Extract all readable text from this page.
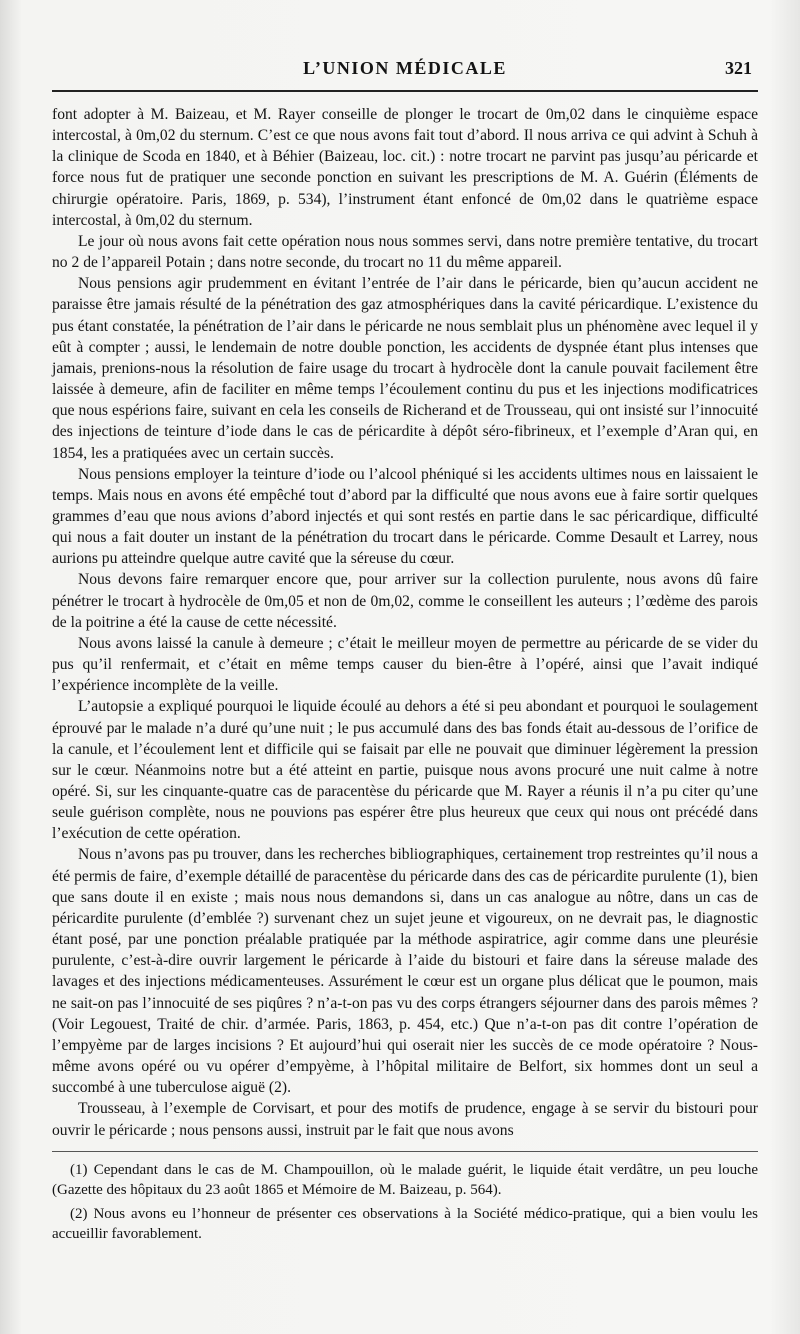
L’UNION MÉDICALE	321

font adopter à M. Baizeau, et M. Rayer conseille de plonger le trocart de 0m,02 dans le cinquième espace intercostal, à 0m,02 du sternum. C’est ce que nous avons fait tout d’abord. Il nous arriva ce qui advint à Schuh à la clinique de Scoda en 1840, et à Béhier (Baizeau, loc. cit.) : notre trocart ne parvint pas jusqu’au péricarde et force nous fut de pratiquer une seconde ponction en suivant les prescriptions de M. A. Guérin (Éléments de chirurgie opératoire. Paris, 1869, p. 534), l’instrument étant enfoncé de 0m,02 dans le quatrième espace intercostal, à 0m,02 du sternum.

Le jour où nous avons fait cette opération nous nous sommes servi, dans notre première tentative, du trocart no 2 de l’appareil Potain ; dans notre seconde, du trocart no 11 du même appareil.

Nous pensions agir prudemment en évitant l’entrée de l’air dans le péricarde, bien qu’aucun accident ne paraisse être jamais résulté de la pénétration des gaz atmosphériques dans la cavité péricardique. L’existence du pus étant constatée, la pénétration de l’air dans le péricarde ne nous semblait plus un phénomène avec lequel il y eût à compter ; aussi, le lendemain de notre double ponction, les accidents de dyspnée étant plus intenses que jamais, prenions-nous la résolution de faire usage du trocart à hydrocèle dont la canule pouvait facilement être laissée à demeure, afin de faciliter en même temps l’écoulement continu du pus et les injections modificatrices que nous espérions faire, suivant en cela les conseils de Richerand et de Trousseau, qui ont insisté sur l’innocuité des injections de teinture d’iode dans le cas de péricardite à dépôt séro-fibrineux, et l’exemple d’Aran qui, en 1854, les a pratiquées avec un certain succès.

Nous pensions employer la teinture d’iode ou l’alcool phéniqué si les accidents ultimes nous en laissaient le temps. Mais nous en avons été empêché tout d’abord par la difficulté que nous avons eue à faire sortir quelques grammes d’eau que nous avions d’abord injectés et qui sont restés en partie dans le sac péricardique, difficulté qui nous a fait douter un instant de la pénétration du trocart dans le péricarde. Comme Desault et Larrey, nous aurions pu atteindre quelque autre cavité que la séreuse du cœur.

Nous devons faire remarquer encore que, pour arriver sur la collection purulente, nous avons dû faire pénétrer le trocart à hydrocèle de 0m,05 et non de 0m,02, comme le conseillent les auteurs ; l’œdème des parois de la poitrine a été la cause de cette nécessité.

Nous avons laissé la canule à demeure ; c’était le meilleur moyen de permettre au péricarde de se vider du pus qu’il renfermait, et c’était en même temps causer du bien-être à l’opéré, ainsi que l’avait indiqué l’expérience incomplète de la veille.

L’autopsie a expliqué pourquoi le liquide écoulé au dehors a été si peu abondant et pourquoi le soulagement éprouvé par le malade n’a duré qu’une nuit ; le pus accumulé dans des bas fonds était au-dessous de l’orifice de la canule, et l’écoulement lent et difficile qui se faisait par elle ne pouvait que diminuer légèrement la pression sur le cœur. Néanmoins notre but a été atteint en partie, puisque nous avons procuré une nuit calme à notre opéré. Si, sur les cinquante-quatre cas de paracentèse du péricarde que M. Rayer a réunis il n’a pu citer qu’une seule guérison complète, nous ne pouvions pas espérer être plus heureux que ceux qui nous ont précédé dans l’exécution de cette opération.

Nous n’avons pas pu trouver, dans les recherches bibliographiques, certainement trop restreintes qu’il nous a été permis de faire, d’exemple détaillé de paracentèse du péricarde dans des cas de péricardite purulente (1), bien que sans doute il en existe ; mais nous nous demandons si, dans un cas analogue au nôtre, dans un cas de péricardite purulente (d’emblée ?) survenant chez un sujet jeune et vigoureux, on ne devrait pas, le diagnostic étant posé, par une ponction préalable pratiquée par la méthode aspiratrice, agir comme dans une pleurésie purulente, c’est-à-dire ouvrir largement le péricarde à l’aide du bistouri et faire dans la séreuse malade des lavages et des injections médicamenteuses. Assurément le cœur est un organe plus délicat que le poumon, mais ne sait-on pas l’innocuité de ses piqûres ? n’a-t-on pas vu des corps étrangers séjourner dans des parois mêmes ? (Voir Legouest, Traité de chir. d’armée. Paris, 1863, p. 454, etc.) Que n’a-t-on pas dit contre l’opération de l’empyème par de larges incisions ? Et aujourd’hui qui oserait nier les succès de ce mode opératoire ? Nous-même avons opéré ou vu opérer d’empyème, à l’hôpital militaire de Belfort, six hommes dont un seul a succombé à une tuberculose aiguë (2).

Trousseau, à l’exemple de Corvisart, et pour des motifs de prudence, engage à se servir du bistouri pour ouvrir le péricarde ; nous pensons aussi, instruit par le fait que nous avons

(1) Cependant dans le cas de M. Champouillon, où le malade guérit, le liquide était verdâtre, un peu louche (Gazette des hôpitaux du 23 août 1865 et Mémoire de M. Baizeau, p. 564).

(2) Nous avons eu l’honneur de présenter ces observations à la Société médico-pratique, qui a bien voulu les accueillir favorablement.
